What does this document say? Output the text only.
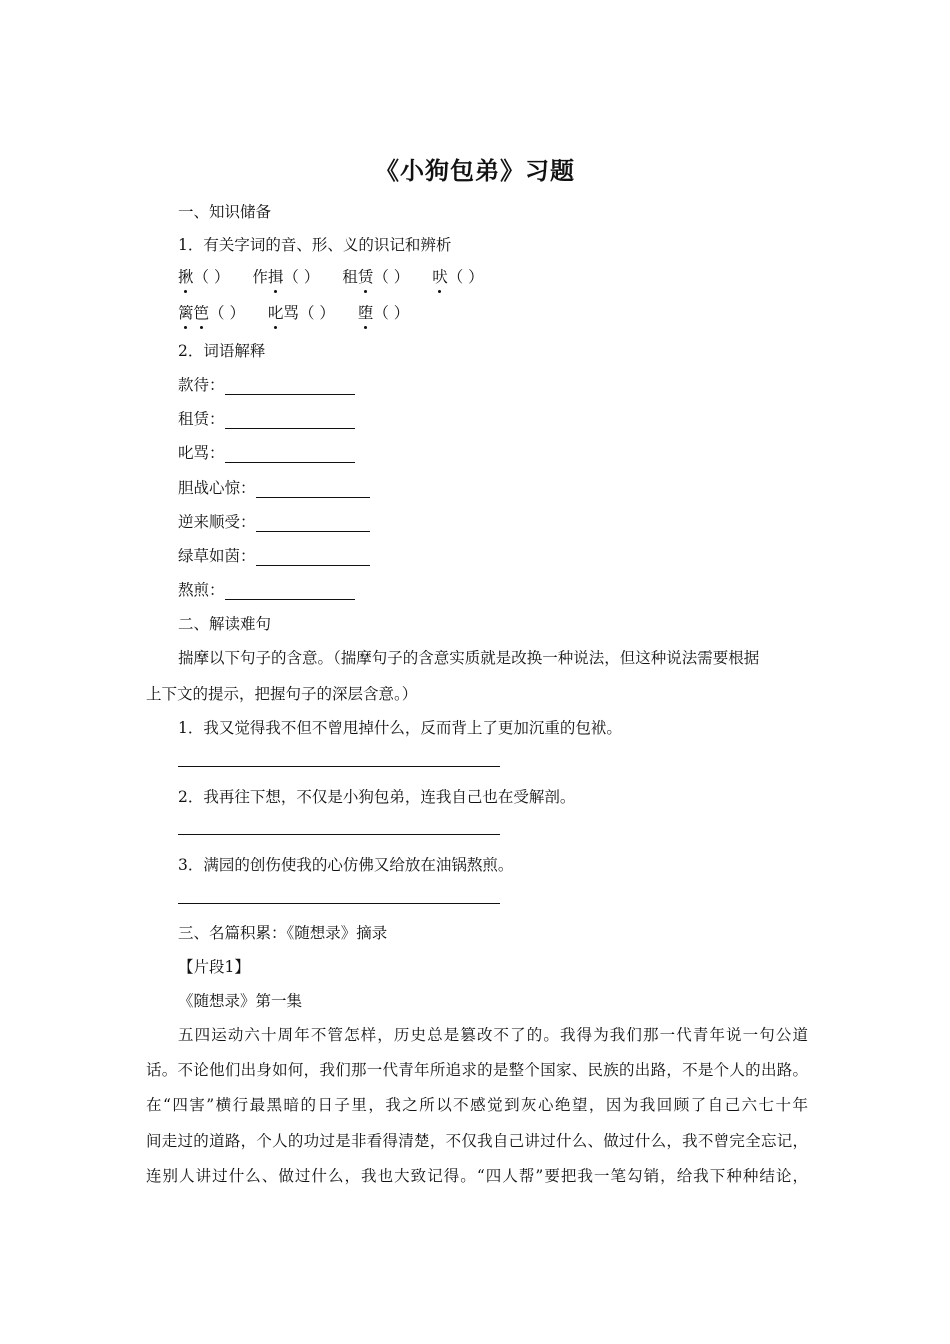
《小狗包弟》习题
一、知识储备
1．有关字词的音、形、义的识记和辨析
揪（ ） 作揖（ ） 租赁（ ） 吠（ ）
篱笆（ ） 叱骂（ ） 堕（ ）
2．词语解释
款待：
租赁：
叱骂：
胆战心惊：
逆来顺受：
绿草如茵：
熬煎：
二、解读难句
揣摩以下句子的含意。（揣摩句子的含意实质就是改换一种说法，但这种说法需要根据
上下文的提示，把握句子的深层含意。）
1．我又觉得我不但不曾甩掉什么，反而背上了更加沉重的包袱。
2．我再往下想，不仅是小狗包弟，连我自己也在受解剖。
3．满园的创伤使我的心仿佛又给放在油锅熬煎。
三、名篇积累：《随想录》摘录
【片段1】
《随想录》第一集
五四运动六十周年不管怎样，历史总是篡改不了的。我得为我们那一代青年说一句公道
话。不论他们出身如何，我们那一代青年所追求的是整个国家、民族的出路，不是个人的出路。
在“四害”横行最黑暗的日子里，我之所以不感觉到灰心绝望，因为我回顾了自己六七十年
间走过的道路，个人的功过是非看得清楚，不仅我自己讲过什么、做过什么，我不曾完全忘记，
连别人讲过什么、做过什么，我也大致记得。“四人帮”要把我一笔勾销，给我下种种结论，
